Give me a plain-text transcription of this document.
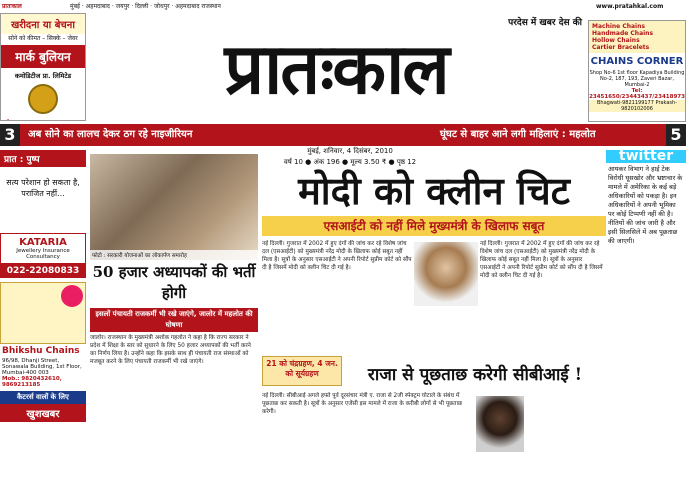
प्रातःकाल	मुंबई · अहमदाबाद · जयपुर · दिल्ली · जोधपुर · अहमदाबाद राजस्थान	www.pratahkal.com
खरीदना या बेचना
सोने को कीमत – सिक्के – जेवर
मार्क बुलियन
कमोडिटीज प्रा. लिमिटेड
परदेस में खबर देस की
प्रातःकाल
Machine Chains
Handmade Chains
Hollow Chains
Cartier Bracelets
CHAINS CORNER
Shop No-6 1st floor Kapadiya Building No-2, 187, 193, Zaveri Bazar, Mumbai-2
Tel: 23451650/23443437/23418973
Bhagwati-9821199177 Prakash-9820102006
3	अब सोने का लालच देकर ठग रहे नाइजीरियन	घूंघट से बाहर आने लगी महिलाएं : महलोत	5
मुंबई, शनिवार, 4 दिसंबर, 2010
वर्ष 10 ● अंक 196 ● मूल्य 3.50 ₹ ● पृष्ठ 12
प्रात : पुष्प
सत्य परेशान हो सकता है, पराजित नहीं...
KATARIA
Jewellery Insurance Consultancy
022-22080833
Bhikshu Chains
96/98, Dhanji Street, Sonawala Building, 1st Floor, Mumbai-400 003
Mob.: 9820432610, 9869213185
कैटरर्स वालों के लिए
खुशखबर
फोटो : सरकारी योजनाओं का लोकार्पण समारोह
50 हजार अध्यापकों की भर्ती होगी
इसलों पंचायती राजकर्मी भी रखे जाएंगे, जालोर में महलोत की घोषणा
जालोर। राजस्थान के मुख्यमंत्री अशोक गहलोत ने कहा है कि राज्य सरकार ने प्रदेश में शिक्षा के स्तर को सुधारने के लिए 50 हजार अध्यापकों की भर्ती करने का निर्णय लिया है। उन्होंने कहा कि इसके साथ ही पंचायती राज संस्थाओं को मजबूत करने के लिए पंचायती राजकर्मी भी रखे जाएंगे।
मोदी को क्लीन चिट
एसआईटी को नहीं मिले मुख्यमंत्री के खिलाफ सबूत
नई दिल्ली। गुजरात में 2002 में हुए दंगों की जांच कर रहे विशेष जांच दल (एसआईटी) को मुख्यमंत्री नरेंद्र मोदी के खिलाफ कोई सबूत नहीं मिला है। सूत्रों के अनुसार एसआईटी ने अपनी रिपोर्ट सुप्रीम कोर्ट को सौंप दी है जिसमें मोदी को क्लीन चिट दी गई है।
नई दिल्ली। गुजरात में 2002 में हुए दंगों की जांच कर रहे विशेष जांच दल (एसआईटी) को मुख्यमंत्री नरेंद्र मोदी के खिलाफ कोई सबूत नहीं मिला है। सूत्रों के अनुसार एसआईटी ने अपनी रिपोर्ट सुप्रीम कोर्ट को सौंप दी है जिसमें मोदी को क्लीन चिट दी गई है।
21 को चंद्रग्रहण, 4 जन. को सूर्यग्रहण	राजा से पूछताछ करेगी सीबीआई !
नई दिल्ली। सीबीआई अगले हफ्ते पूर्व दूरसंचार मंत्री ए. राजा से 2जी स्पेक्ट्रम घोटाले के संबंध में पूछताछ कर सकती है। सूत्रों के अनुसार एजेंसी इस मामले में राजा के करीबी लोगों से भी पूछताछ करेगी।
twitter
आयकर विभाग ने हाई टेक विरोधी घूसखोर और भ्रष्टाचार के मामले में अमेरिका के कई बड़े अधिकारियों को पकड़ा है। इन अधिकारियों ने अपनी भूमिका पर कोई टिप्पणी नहीं की है। नीतियों की जांच जारी है और इसी सिलसिले में अब पूछताछ की जाएगी।
